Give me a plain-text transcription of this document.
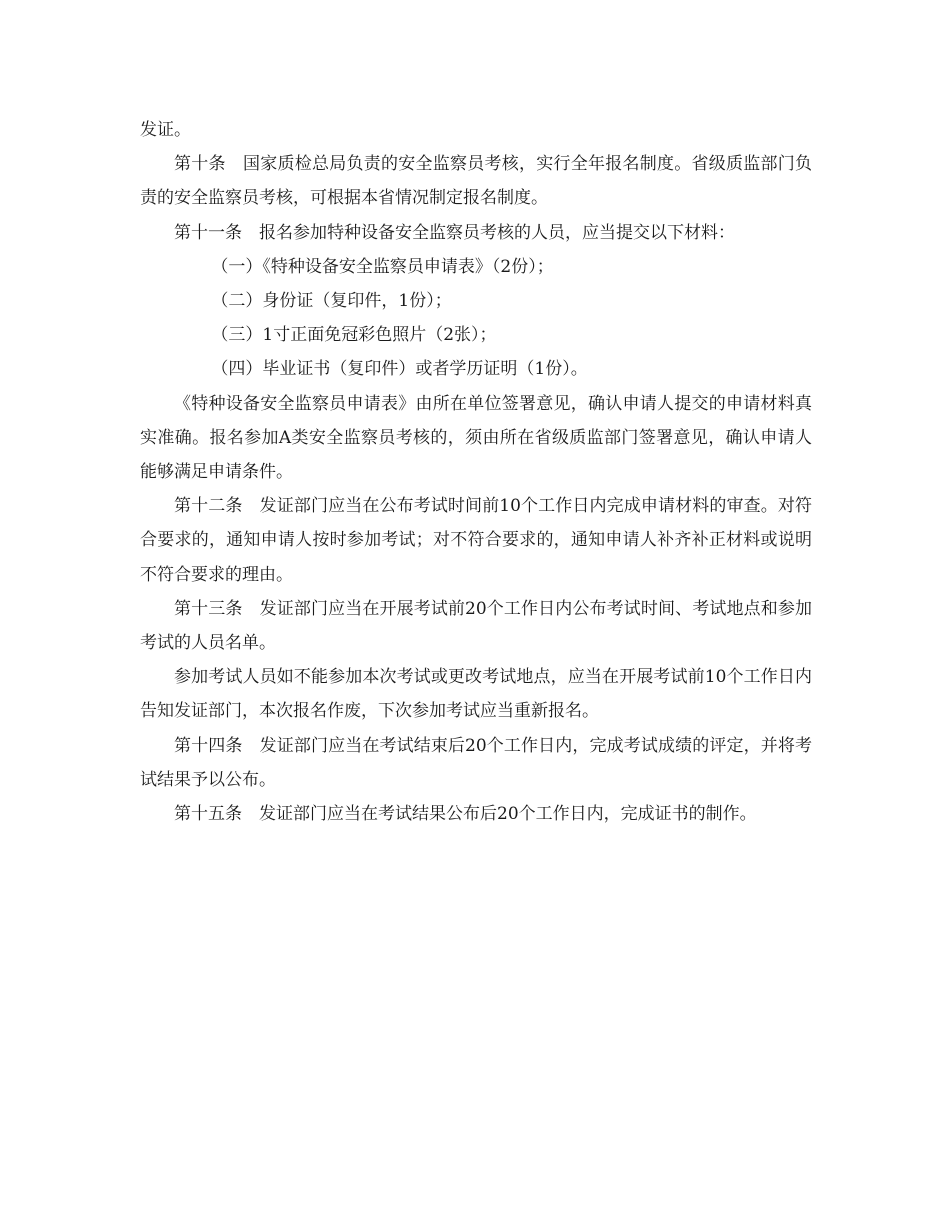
发证。

第十条　国家质检总局负责的安全监察员考核，实行全年报名制度。省级质监部门负责的安全监察员考核，可根据本省情况制定报名制度。

第十一条　报名参加特种设备安全监察员考核的人员，应当提交以下材料：

（一）《特种设备安全监察员申请表》（2份）；

（二）身份证（复印件，1份）；

（三）1寸正面免冠彩色照片（2张）；

（四）毕业证书（复印件）或者学历证明（1份）。

《特种设备安全监察员申请表》由所在单位签署意见，确认申请人提交的申请材料真实准确。报名参加A类安全监察员考核的，须由所在省级质监部门签署意见，确认申请人能够满足申请条件。

第十二条　发证部门应当在公布考试时间前10个工作日内完成申请材料的审查。对符合要求的，通知申请人按时参加考试；对不符合要求的，通知申请人补齐补正材料或说明不符合要求的理由。

第十三条　发证部门应当在开展考试前20个工作日内公布考试时间、考试地点和参加考试的人员名单。

参加考试人员如不能参加本次考试或更改考试地点，应当在开展考试前10个工作日内告知发证部门，本次报名作废，下次参加考试应当重新报名。

第十四条　发证部门应当在考试结束后20个工作日内，完成考试成绩的评定，并将考试结果予以公布。

第十五条　发证部门应当在考试结果公布后20个工作日内，完成证书的制作。
